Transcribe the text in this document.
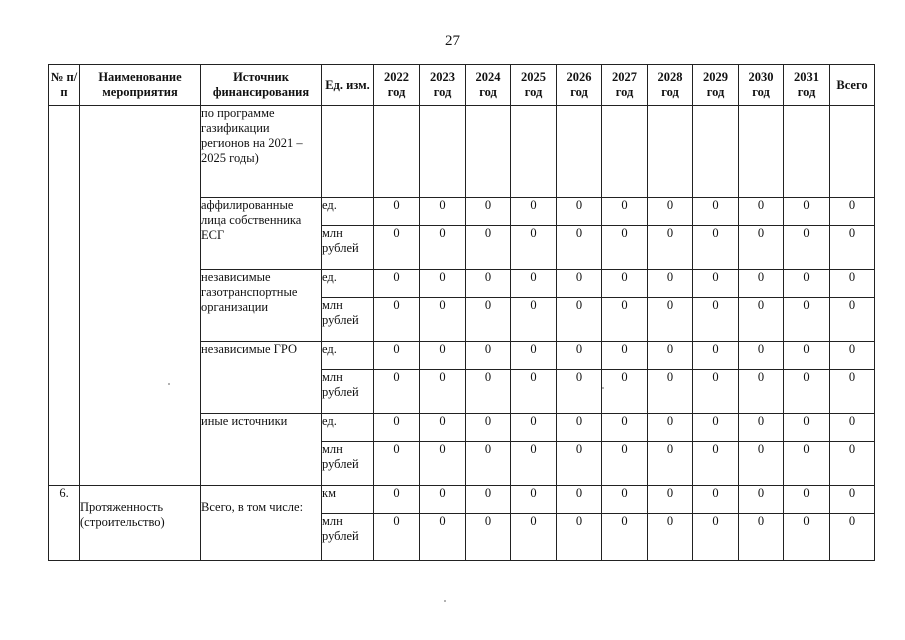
27
№ п/п	Наименование мероприятия	Источник финансирования	Ед. изм.	2022 год	2023 год	2024 год	2025 год	2026 год	2027 год	2028 год	2029 год	2030 год	2031 год	Всего
		по программе газификации регионов на 2021 – 2025 годы)												
		аффилированные лица собственника ЕСГ	ед.	0	0	0	0	0	0	0	0	0	0	0
			млн рублей	0	0	0	0	0	0	0	0	0	0	0
		независимые газотранспортные организации	ед.	0	0	0	0	0	0	0	0	0	0	0
			млн рублей	0	0	0	0	0	0	0	0	0	0	0
		независимые ГРО	ед.	0	0	0	0	0	0	0	0	0	0	0
			млн рублей	0	0	0	0	0	0	0	0	0	0	0
		иные источники	ед.	0	0	0	0	0	0	0	0	0	0	0
			млн рублей	0	0	0	0	0	0	0	0	0	0	0
6.	Протяженность (строительство)	Всего, в том числе:	км	0	0	0	0	0	0	0	0	0	0	0
			млн рублей	0	0	0	0	0	0	0	0	0	0	0
